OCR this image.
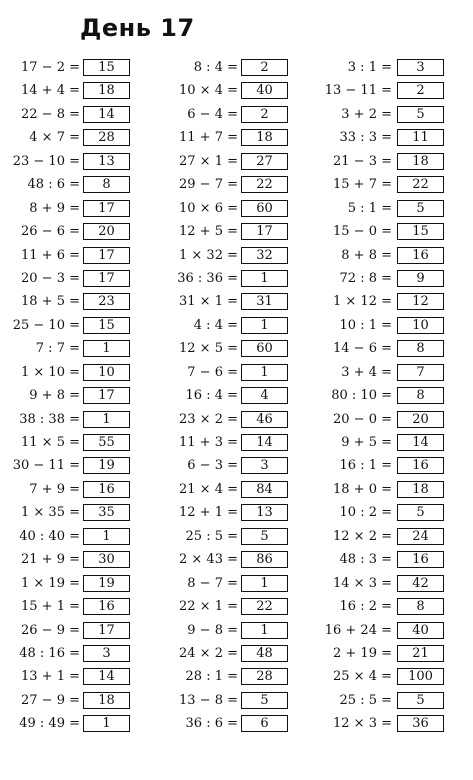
День 17
17 − 2 =	15
14 + 4 =	18
22 − 8 =	14
4 × 7 =	28
23 − 10 =	13
48 : 6 =	8
8 + 9 =	17
26 − 6 =	20
11 + 6 =	17
20 − 3 =	17
18 + 5 =	23
25 − 10 =	15
7 : 7 =	1
1 × 10 =	10
9 + 8 =	17
38 : 38 =	1
11 × 5 =	55
30 − 11 =	19
7 + 9 =	16
1 × 35 =	35
40 : 40 =	1
21 + 9 =	30
1 × 19 =	19
15 + 1 =	16
26 − 9 =	17
48 : 16 =	3
13 + 1 =	14
27 − 9 =	18
49 : 49 =	1
8 : 4 =	2
10 × 4 =	40
6 − 4 =	2
11 + 7 =	18
27 × 1 =	27
29 − 7 =	22
10 × 6 =	60
12 + 5 =	17
1 × 32 =	32
36 : 36 =	1
31 × 1 =	31
4 : 4 =	1
12 × 5 =	60
7 − 6 =	1
16 : 4 =	4
23 × 2 =	46
11 + 3 =	14
6 − 3 =	3
21 × 4 =	84
12 + 1 =	13
25 : 5 =	5
2 × 43 =	86
8 − 7 =	1
22 × 1 =	22
9 − 8 =	1
24 × 2 =	48
28 : 1 =	28
13 − 8 =	5
36 : 6 =	6
3 : 1 =	3
13 − 11 =	2
3 + 2 =	5
33 : 3 =	11
21 − 3 =	18
15 + 7 =	22
5 : 1 =	5
15 − 0 =	15
8 + 8 =	16
72 : 8 =	9
1 × 12 =	12
10 : 1 =	10
14 − 6 =	8
3 + 4 =	7
80 : 10 =	8
20 − 0 =	20
9 + 5 =	14
16 : 1 =	16
18 + 0 =	18
10 : 2 =	5
12 × 2 =	24
48 : 3 =	16
14 × 3 =	42
16 : 2 =	8
16 + 24 =	40
2 + 19 =	21
25 × 4 =	100
25 : 5 =	5
12 × 3 =	36
